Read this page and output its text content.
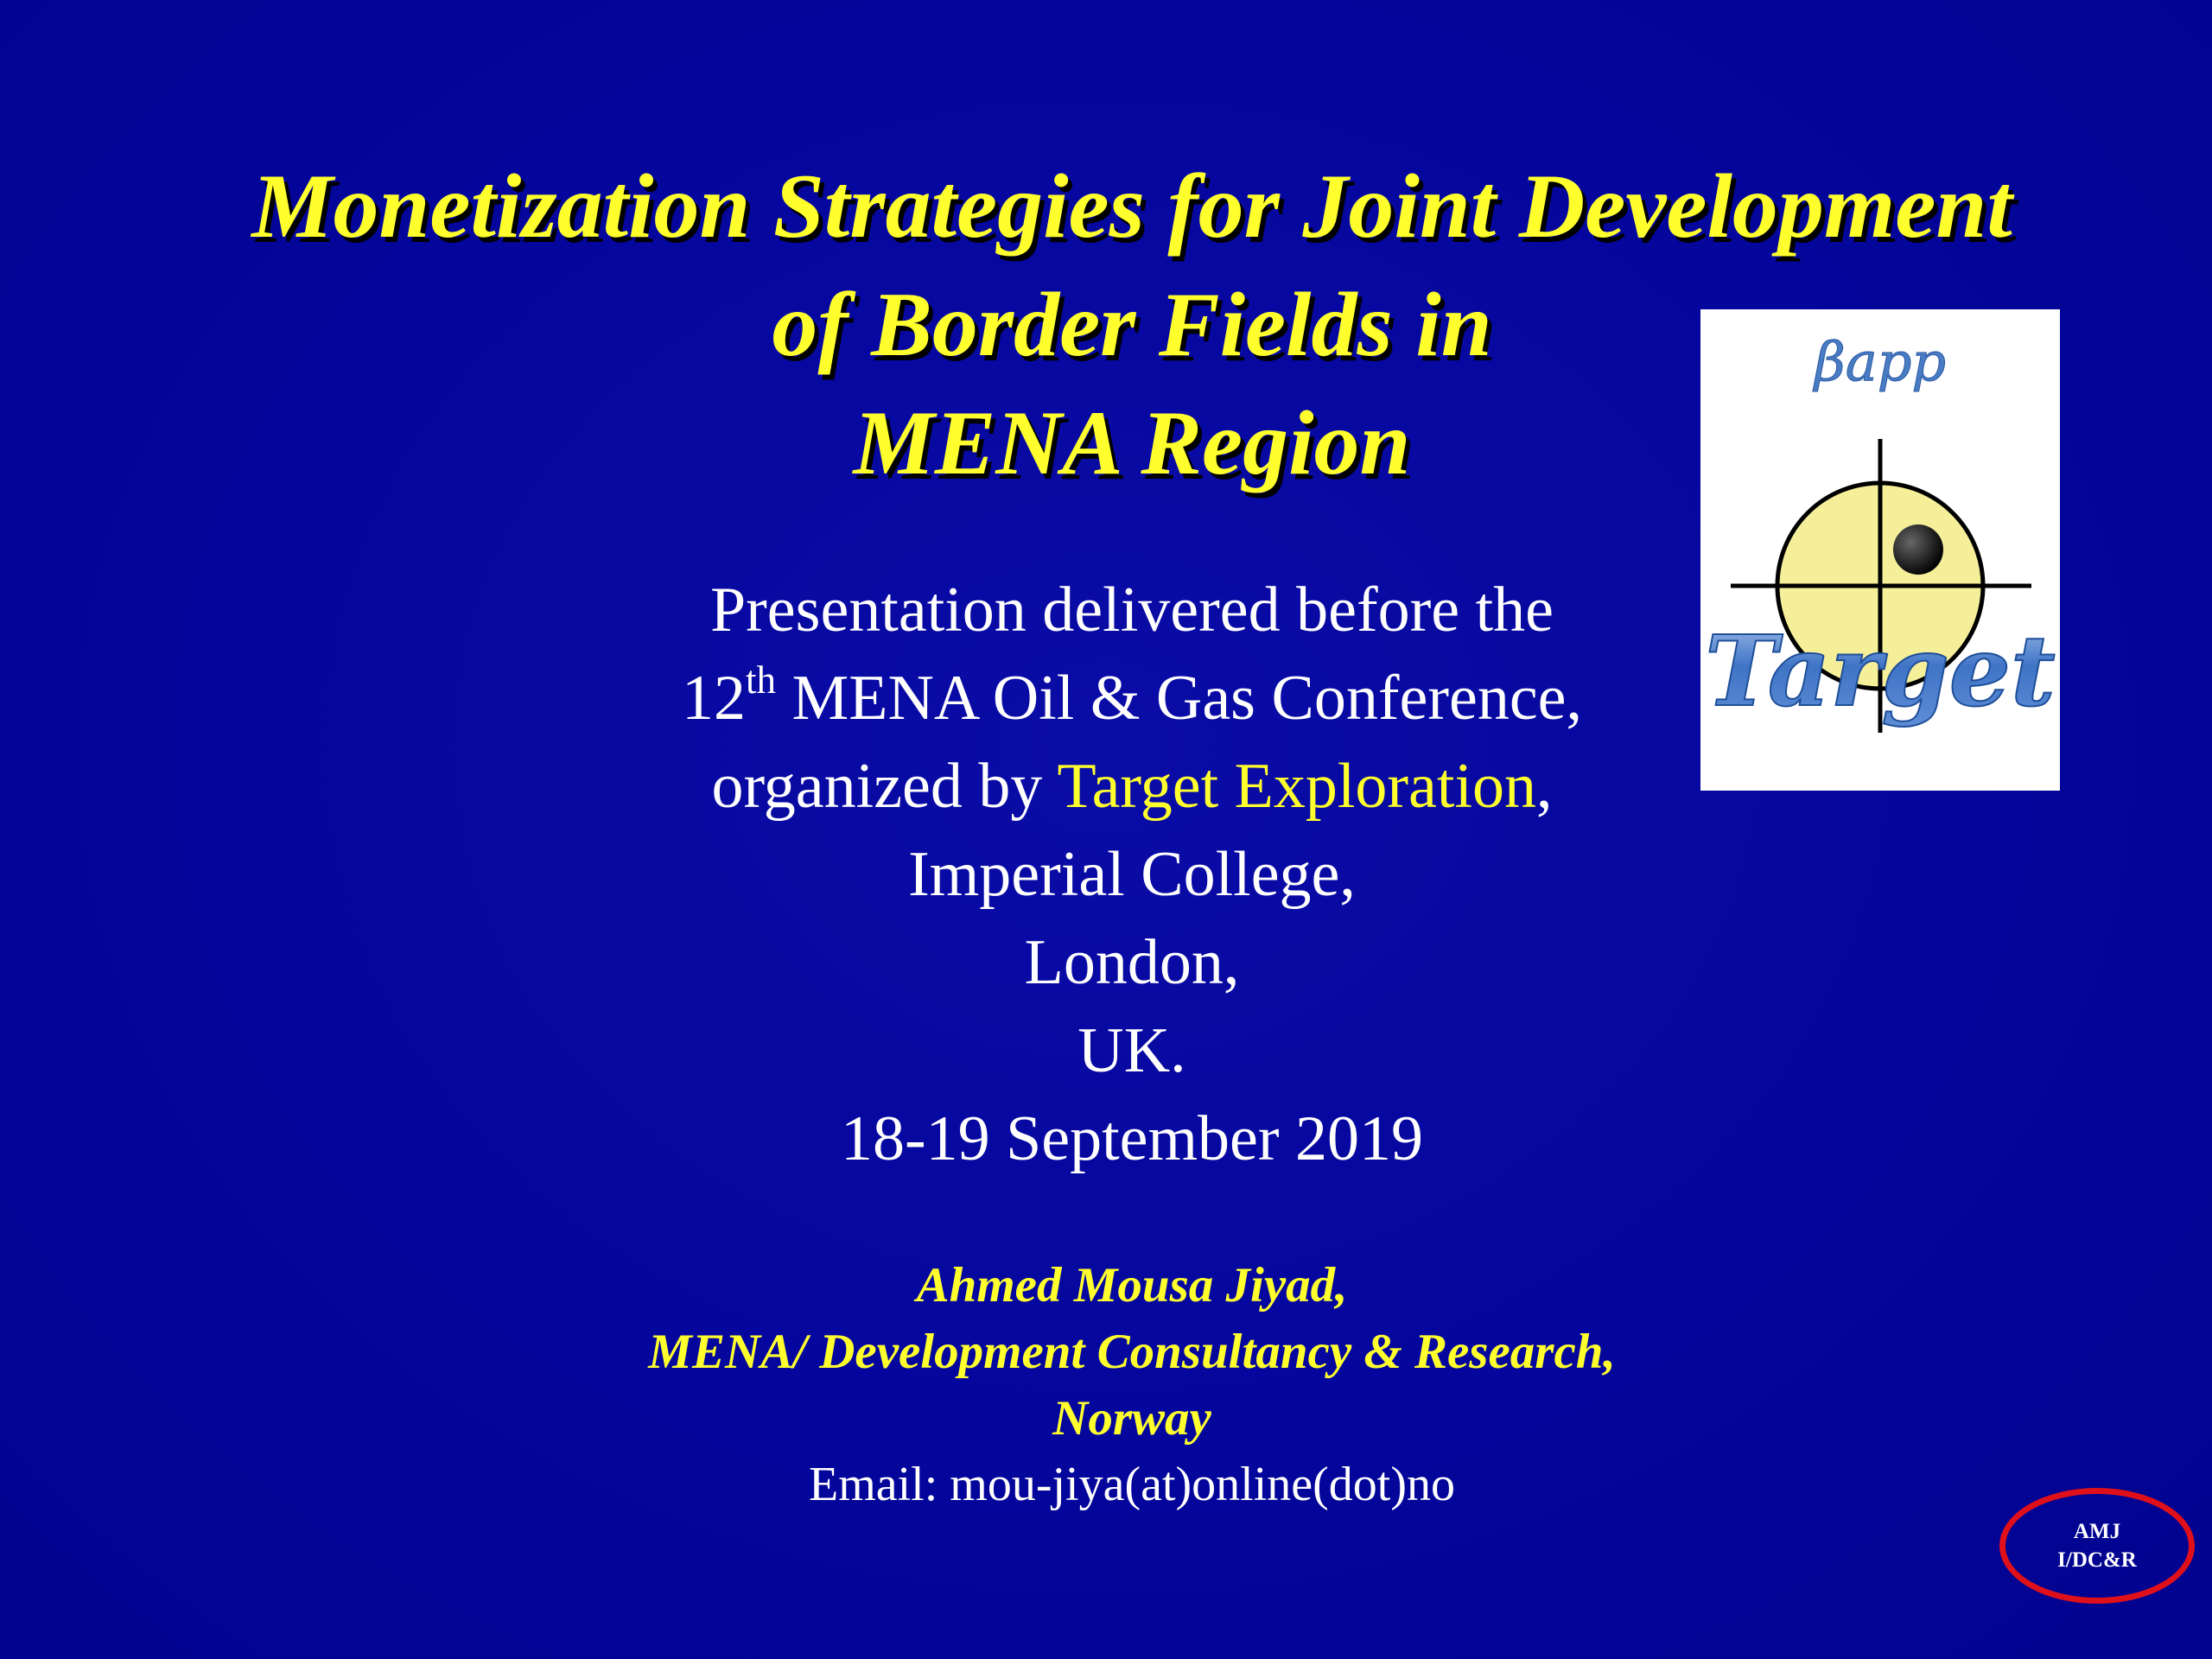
Monetization Strategies for Joint Development
of Border Fields in
MENA Region
Presentation delivered before the
12th MENA Oil & Gas Conference,
organized by Target Exploration,
Imperial College,
London,
UK.
18-19 September 2019
Ahmed Mousa Jiyad,
MENA/ Development Consultancy & Research,
Norway
Email: mou-jiya(at)online(dot)no
βapp
Target
AMJ
I/DC&R
